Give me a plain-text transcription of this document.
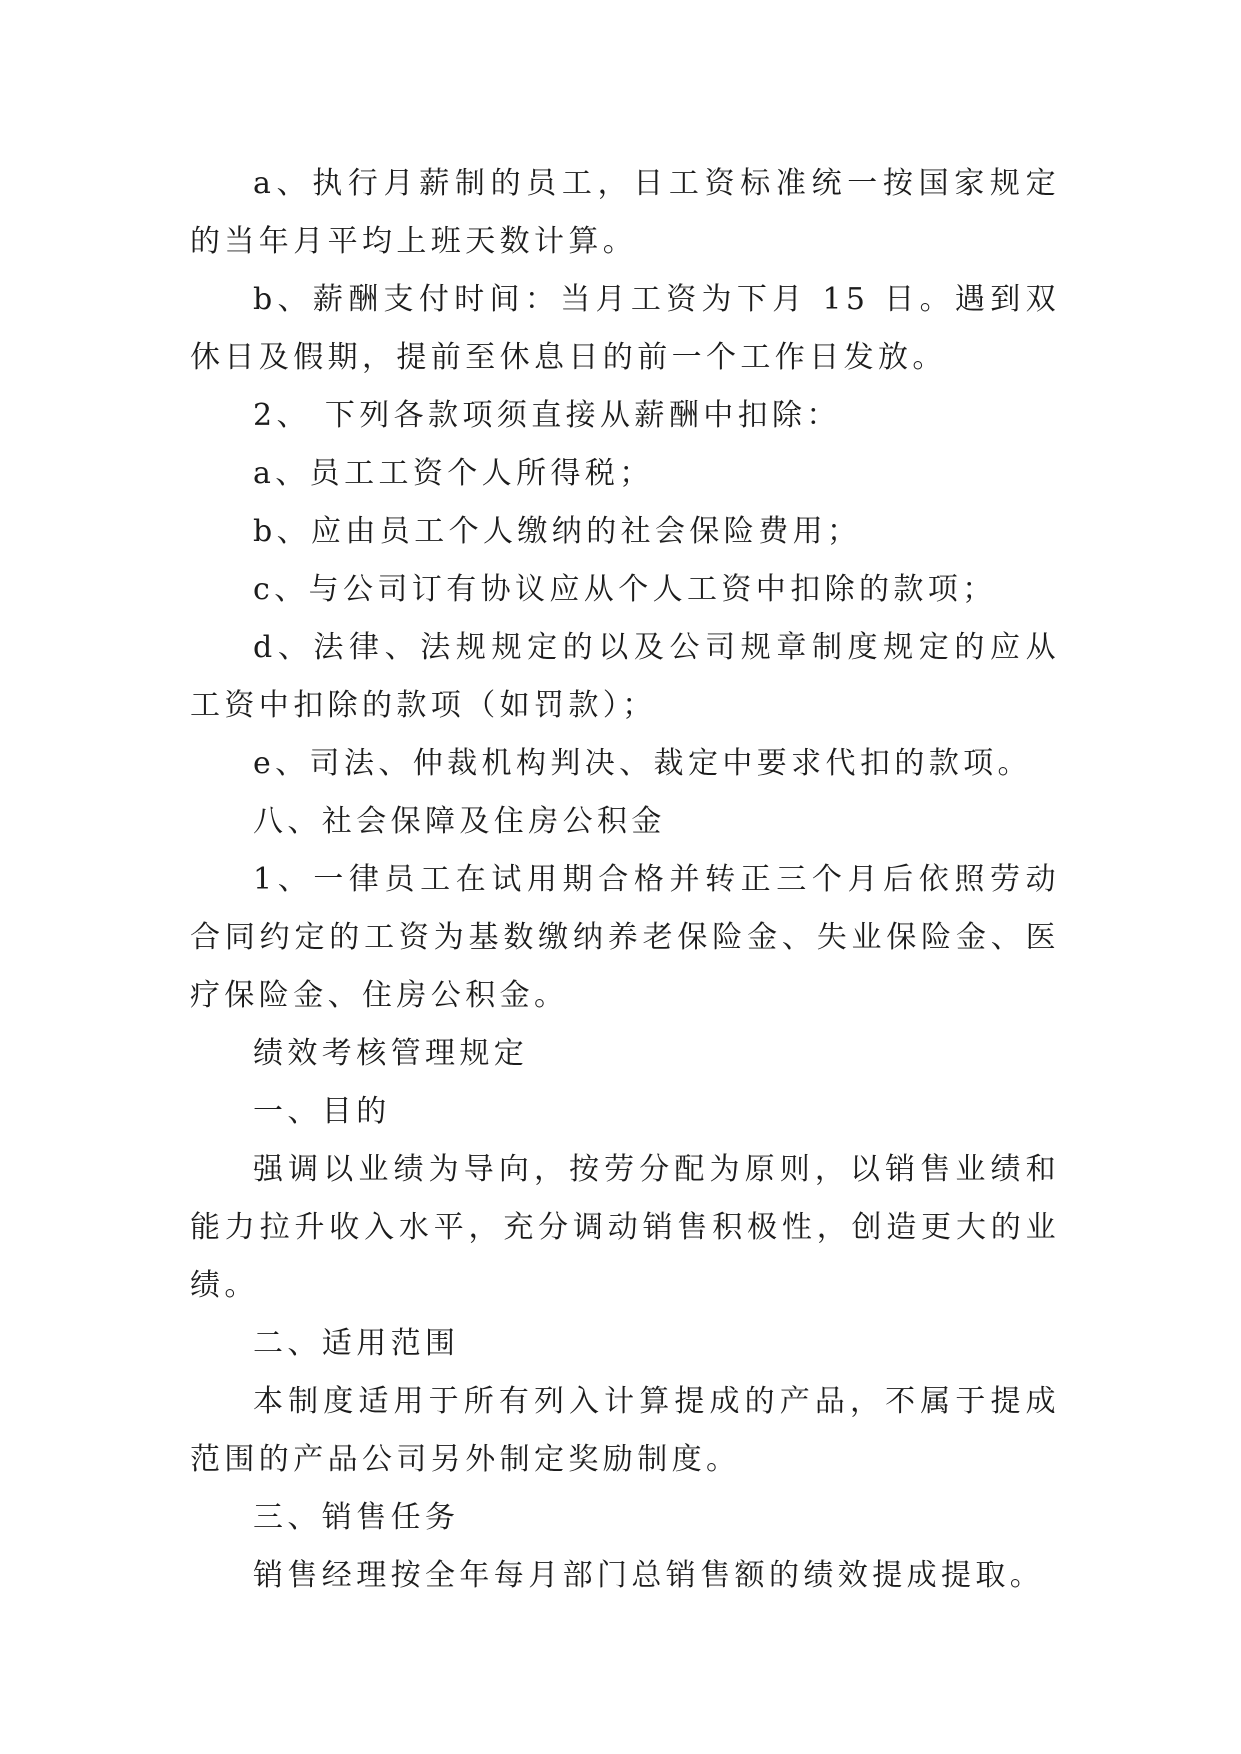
a、执行月薪制的员工，日工资标准统一按国家规定的当年月平均上班天数计算。

b、薪酬支付时间：当月工资为下月 15 日。遇到双休日及假期，提前至休息日的前一个工作日发放。

2、 下列各款项须直接从薪酬中扣除：

a、员工工资个人所得税；

b、应由员工个人缴纳的社会保险费用；

c、与公司订有协议应从个人工资中扣除的款项；

d、法律、法规规定的以及公司规章制度规定的应从工资中扣除的款项（如罚款）；

e、司法、仲裁机构判决、裁定中要求代扣的款项。

八、社会保障及住房公积金

1、一律员工在试用期合格并转正三个月后依照劳动合同约定的工资为基数缴纳养老保险金、失业保险金、医疗保险金、住房公积金。

绩效考核管理规定

一、目的

强调以业绩为导向，按劳分配为原则，以销售业绩和能力拉升收入水平，充分调动销售积极性，创造更大的业绩。

二、适用范围

本制度适用于所有列入计算提成的产品，不属于提成范围的产品公司另外制定奖励制度。

三、销售任务

销售经理按全年每月部门总销售额的绩效提成提取。
